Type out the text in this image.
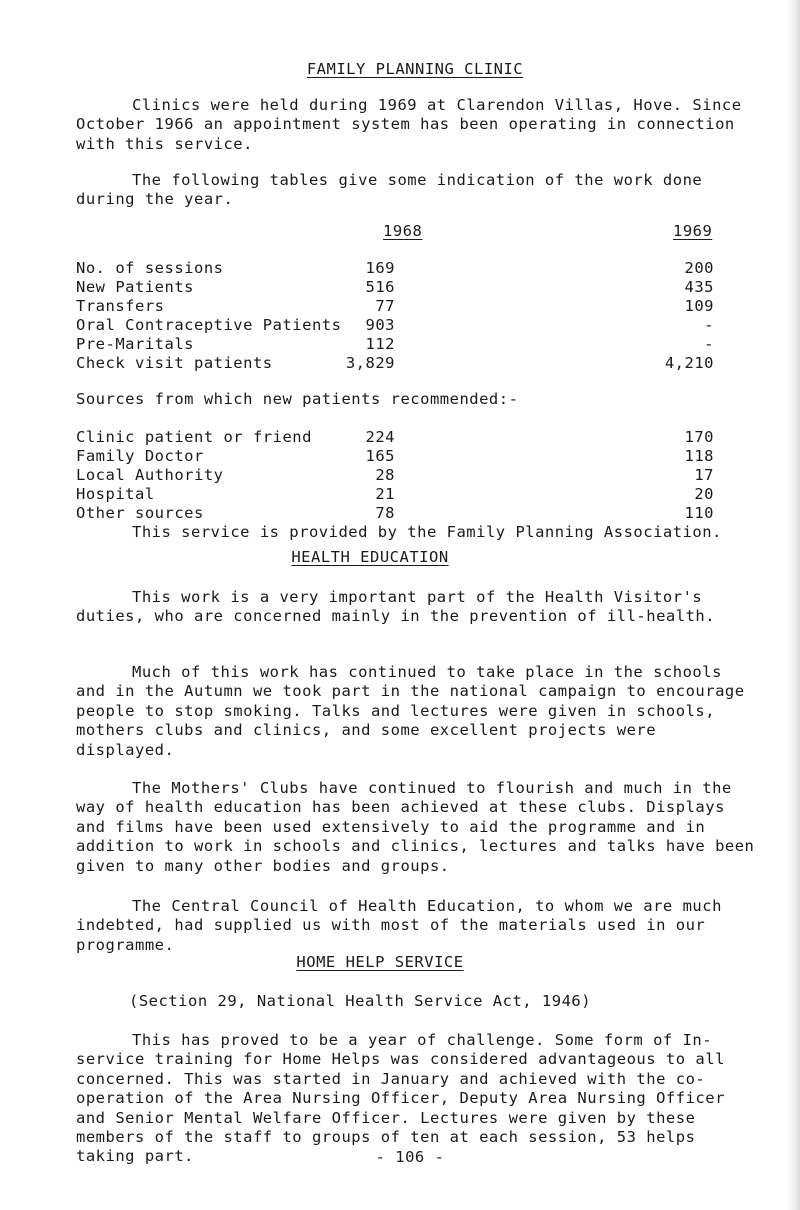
FAMILY PLANNING CLINIC

Clinics were held during 1969 at Clarendon Villas, Hove. Since October 1966 an appointment system has been operating in connection with this service.

The following tables give some indication of the work done during the year.

1968	1969
No. of sessions	169	200
New Patients	516	435
Transfers	77	109
Oral Contraceptive Patients 903	-
Pre-Maritals	112	-
Check visit patients	3,829	4,210
Sources from which new patients recommended:-
Clinic patient or friend	224	170
Family Doctor	165	118
Local Authority	28	17
Hospital	21	20
Other sources	78	110
This service is provided by the Family Planning Association.
HEALTH EDUCATION

This work is a very important part of the Health Visitor's duties, who are concerned mainly in the prevention of ill-health.

Much of this work has continued to take place in the schools and in the Autumn we took part in the national campaign to encourage people to stop smoking. Talks and lectures were given in schools, mothers clubs and clinics, and some excellent projects were displayed.

The Mothers' Clubs have continued to flourish and much in the way of health education has been achieved at these clubs. Displays and films have been used extensively to aid the programme and in addition to work in schools and clinics, lectures and talks have been given to many other bodies and groups.

The Central Council of Health Education, to whom we are much indebted, had supplied us with most of the materials used in our programme.

HOME HELP SERVICE
(Section 29, National Health Service Act, 1946)

This has proved to be a year of challenge. Some form of In-service training for Home Helps was considered advantageous to all concerned. This was started in January and achieved with the co-operation of the Area Nursing Officer, Deputy Area Nursing Officer and Senior Mental Welfare Officer. Lectures were given by these members of the staff to groups of ten at each session, 53 helps taking part.	- 106 -
